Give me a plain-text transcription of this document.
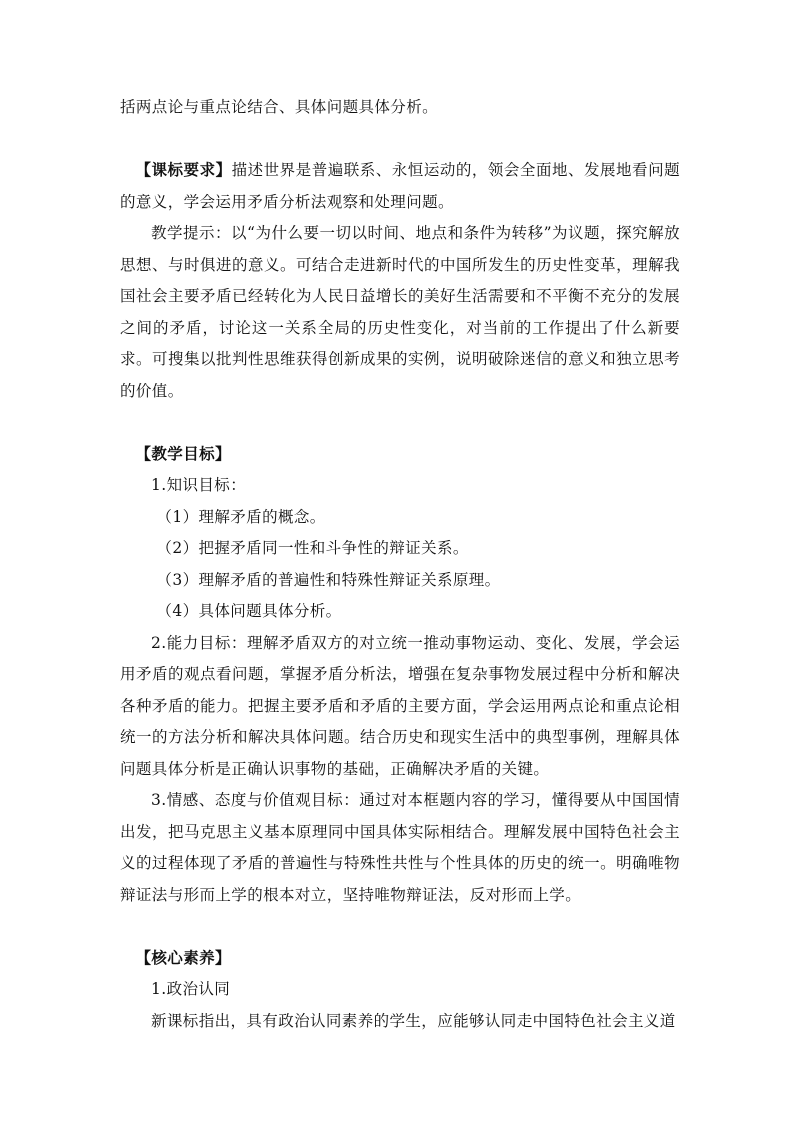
括两点论与重点论结合、具体问题具体分析。

【课标要求】描述世界是普遍联系、永恒运动的，领会全面地、发展地看问题的意义，学会运用矛盾分析法观察和处理问题。

教学提示：以“为什么要一切以时间、地点和条件为转移”为议题，探究解放思想、与时俱进的意义。可结合走进新时代的中国所发生的历史性变革，理解我国社会主要矛盾已经转化为人民日益增长的美好生活需要和不平衡不充分的发展之间的矛盾，讨论这一关系全局的历史性变化，对当前的工作提出了什么新要求。可搜集以批判性思维获得创新成果的实例，说明破除迷信的意义和独立思考的价值。

【教学目标】

1.知识目标：

（1）理解矛盾的概念。

（2）把握矛盾同一性和斗争性的辩证关系。

（3）理解矛盾的普遍性和特殊性辩证关系原理。

（4）具体问题具体分析。

2.能力目标：理解矛盾双方的对立统一推动事物运动、变化、发展，学会运用矛盾的观点看问题，掌握矛盾分析法，增强在复杂事物发展过程中分析和解决各种矛盾的能力。把握主要矛盾和矛盾的主要方面，学会运用两点论和重点论相统一的方法分析和解决具体问题。结合历史和现实生活中的典型事例，理解具体问题具体分析是正确认识事物的基础，正确解决矛盾的关键。

3.情感、态度与价值观目标：通过对本框题内容的学习，懂得要从中国国情出发，把马克思主义基本原理同中国具体实际相结合。理解发展中国特色社会主义的过程体现了矛盾的普遍性与特殊性共性与个性具体的历史的统一。明确唯物辩证法与形而上学的根本对立，坚持唯物辩证法，反对形而上学。

【核心素养】

1.政治认同

新课标指出，具有政治认同素养的学生，应能够认同走中国特色社会主义道
